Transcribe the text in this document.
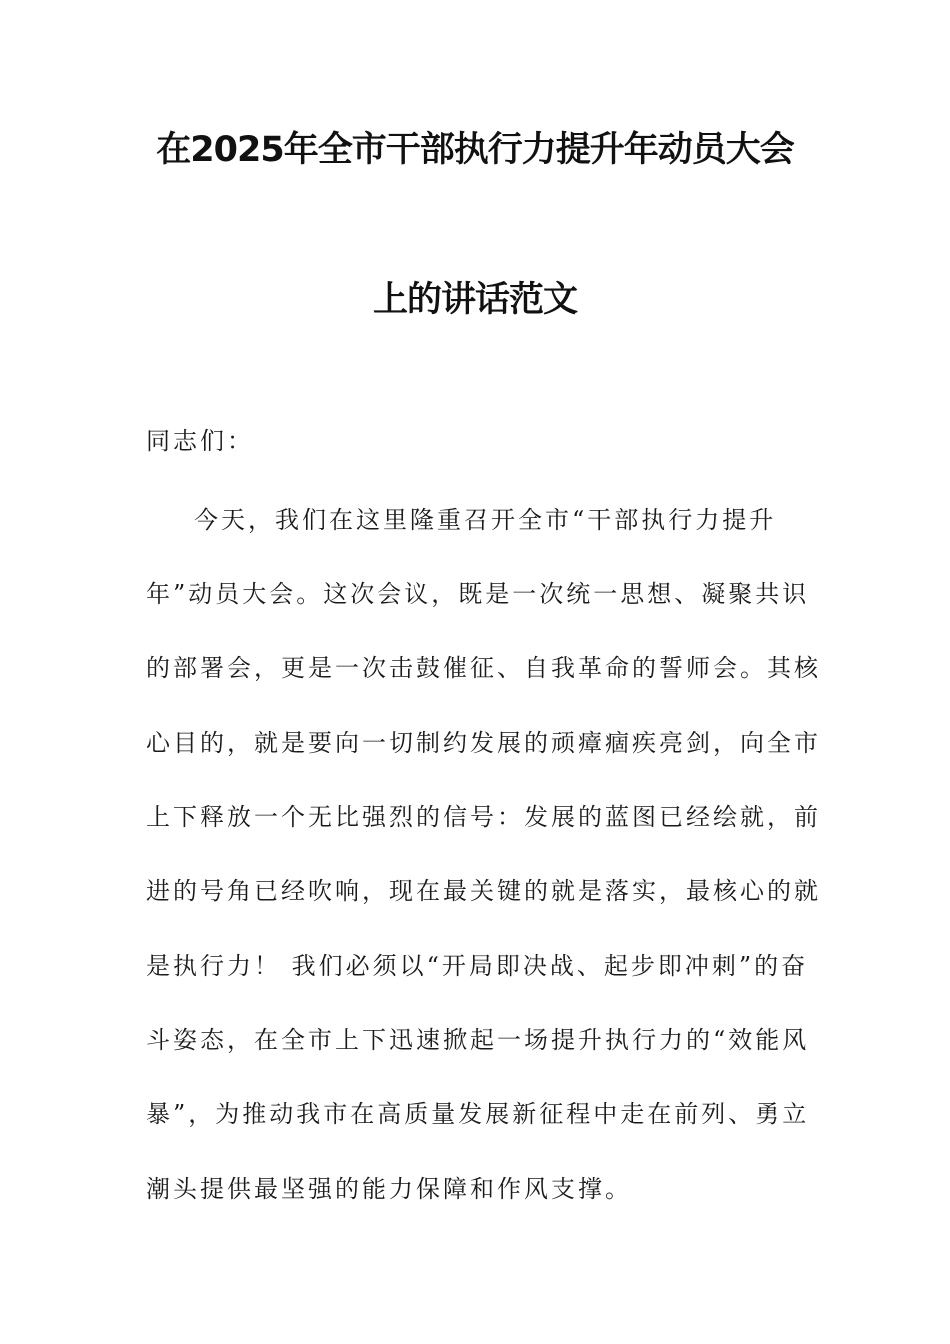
在2025年全市干部执行力提升年动员大会
上的讲话范文
同志们：
今天，我们在这里隆重召开全市“干部执行力提升
年”动员大会。这次会议，既是一次统一思想、凝聚共识
的部署会，更是一次击鼓催征、自我革命的誓师会。其核
心目的，就是要向一切制约发展的顽瘴痼疾亮剑，向全市
上下释放一个无比强烈的信号：发展的蓝图已经绘就，前
进的号角已经吹响，现在最关键的就是落实，最核心的就
是执行力！ 我们必须以“开局即决战、起步即冲刺”的奋
斗姿态，在全市上下迅速掀起一场提升执行力的“效能风
暴”，为推动我市在高质量发展新征程中走在前列、勇立
潮头提供最坚强的能力保障和作风支撑。
